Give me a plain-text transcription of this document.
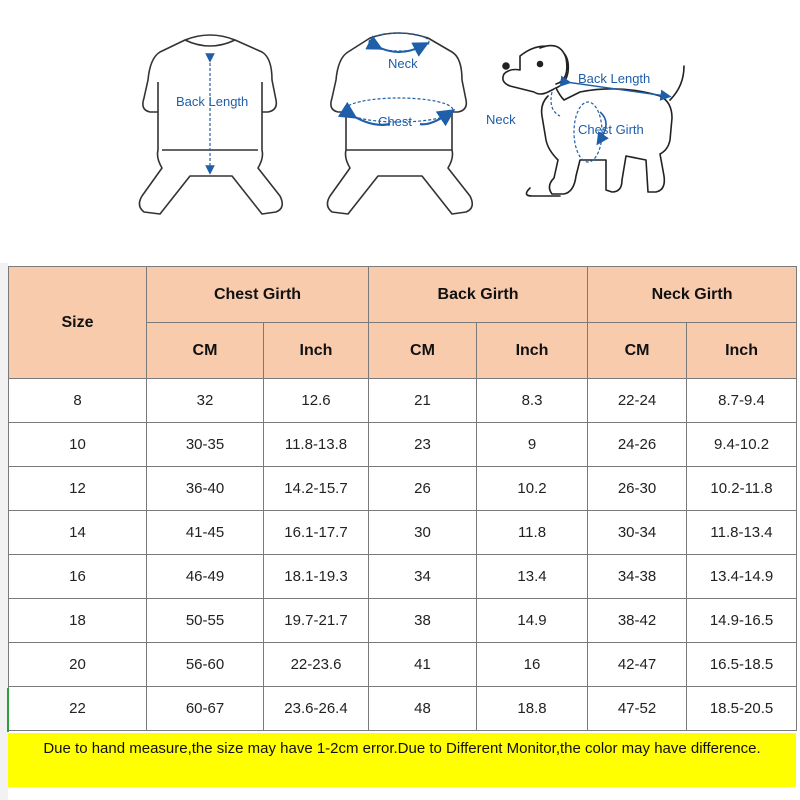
Back Length
Neck
Chest
Back Length
Neck
Chest Girth
Size	Chest Girth		Back Girth		Neck Girth	
	CM	Inch	CM	Inch	CM	Inch
8	32	12.6	21	8.3	22-24	8.7-9.4
10	30-35	11.8-13.8	23	9	24-26	9.4-10.2
12	36-40	14.2-15.7	26	10.2	26-30	10.2-11.8
14	41-45	16.1-17.7	30	11.8	30-34	11.8-13.4
16	46-49	18.1-19.3	34	13.4	34-38	13.4-14.9
18	50-55	19.7-21.7	38	14.9	38-42	14.9-16.5
20	56-60	22-23.6	41	16	42-47	16.5-18.5
22	60-67	23.6-26.4	48	18.8	47-52	18.5-20.5
Due to hand measure,the size may have 1-2cm error.Due to Different Monitor,the color may have difference.
